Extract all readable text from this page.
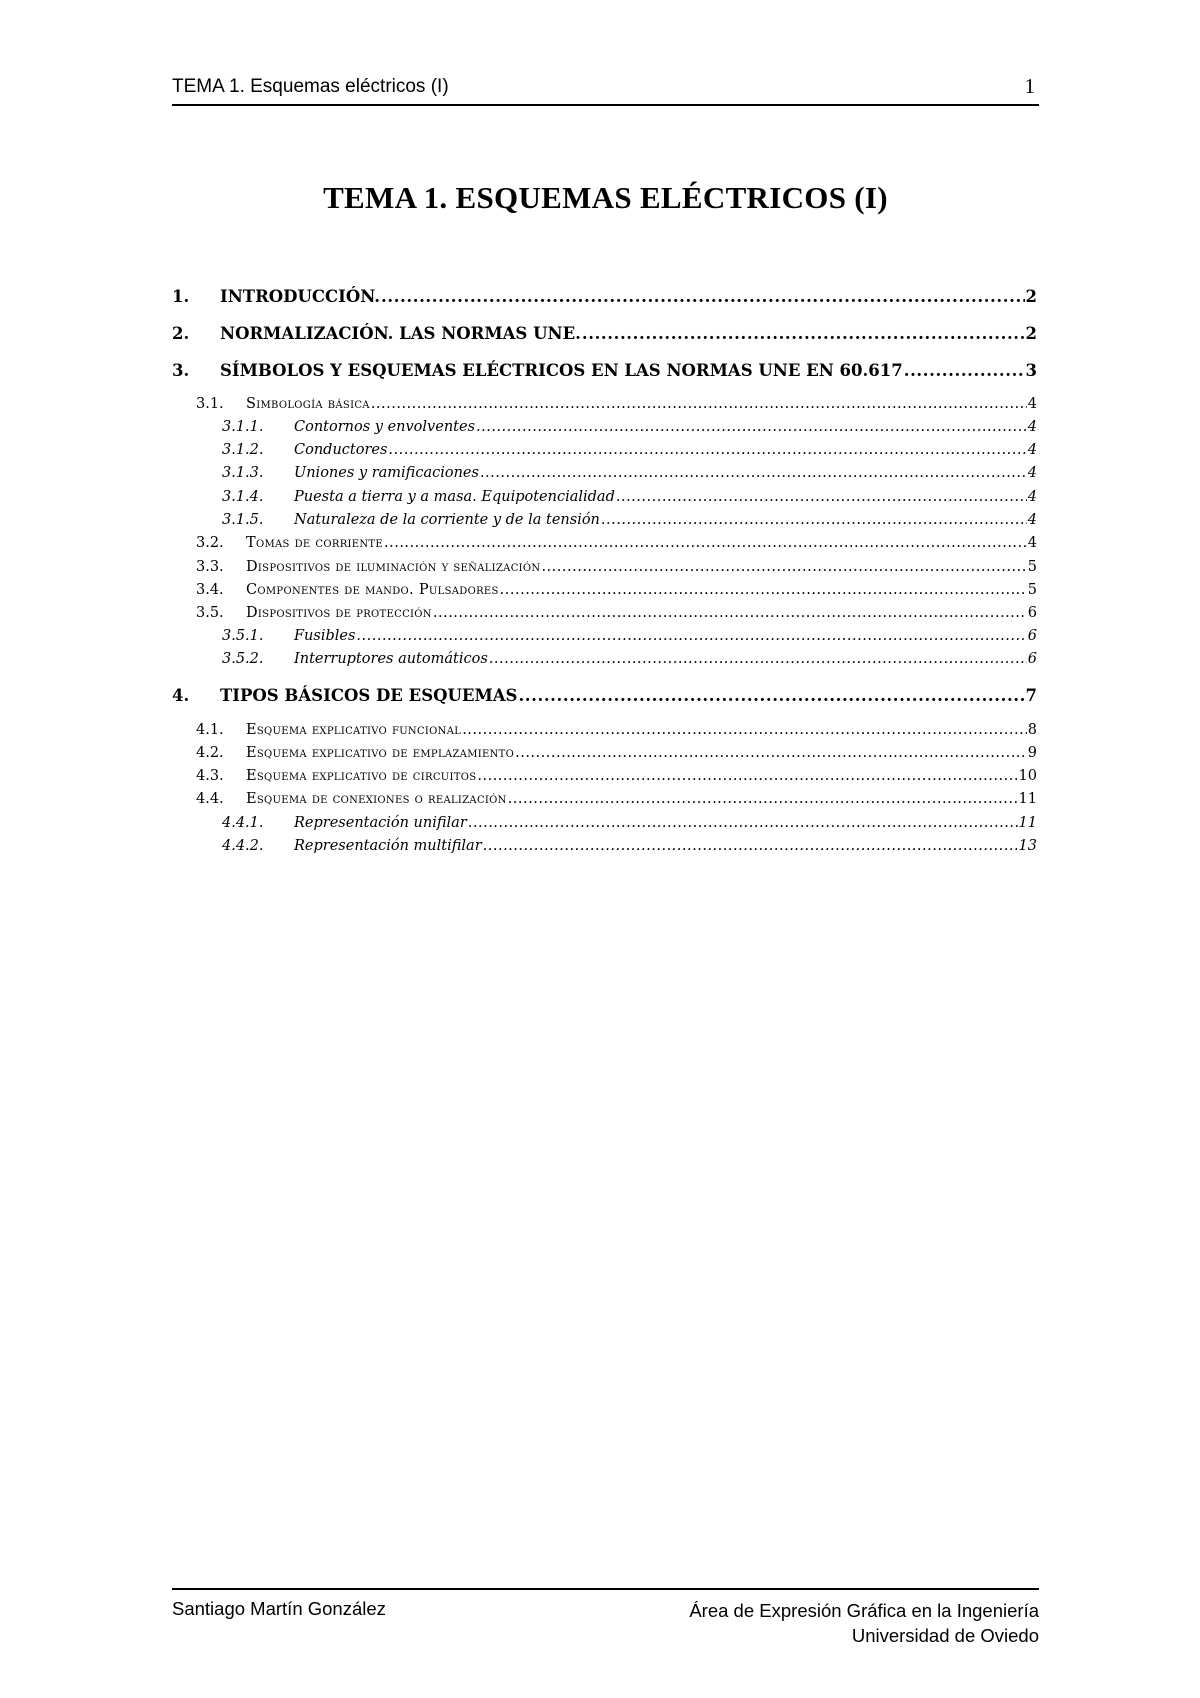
TEMA 1. Esquemas eléctricos (I)	1
TEMA 1. ESQUEMAS ELÉCTRICOS (I)
1.	INTRODUCCIÓN. .....	2
2.	NORMALIZACIÓN. LAS NORMAS UNE. .....	2
3.	SÍMBOLOS Y ESQUEMAS ELÉCTRICOS EN LAS NORMAS UNE EN 60.617 .....	3
3.1.	Simbología básica .....	4
3.1.1.	Contornos y envolventes .....	4
3.1.2.	Conductores .....	4
3.1.3.	Uniones y ramificaciones .....	4
3.1.4.	Puesta a tierra y a masa. Equipotencialidad .....	4
3.1.5.	Naturaleza de la corriente y de la tensión .....	4
3.2.	Tomas de corriente .....	4
3.3.	Dispositivos de iluminación y señalización .....	5
3.4.	Componentes de mando. Pulsadores .....	5
3.5.	Dispositivos de protección .....	6
3.5.1.	Fusibles .....	6
3.5.2.	Interruptores automáticos .....	6
4.	TIPOS BÁSICOS DE ESQUEMAS .....	7
4.1.	Esquema explicativo funcional .....	8
4.2.	Esquema explicativo de emplazamiento .....	9
4.3.	Esquema explicativo de circuitos .....	10
4.4.	Esquema de conexiones o realización .....	11
4.4.1.	Representación unifilar .....	11
4.4.2.	Representación multifilar .....	13
Santiago Martín González	Área de Expresión Gráfica en la Ingeniería
Universidad de Oviedo
